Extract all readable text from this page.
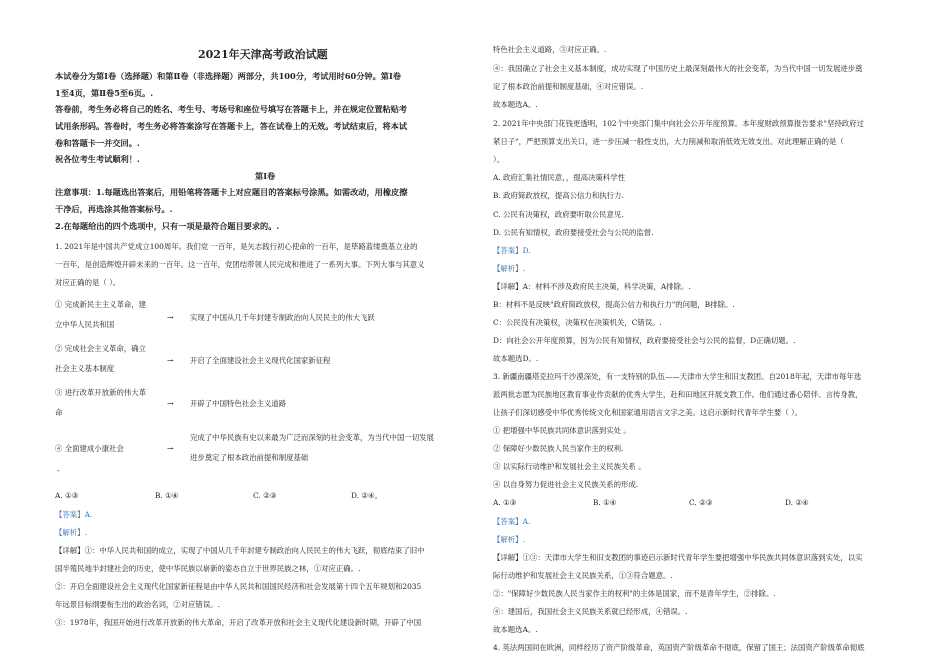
2021年天津高考政治试题
本试卷分为第Ⅰ卷（选择题）和第Ⅱ卷（非选择题）两部分，共100分，考试用时60分钟。第Ⅰ卷
1至4页，第Ⅱ卷5至6页。.
答卷前，考生务必将自己的姓名、考生号、考场号和座位号填写在答题卡上，并在规定位置粘贴考
试用条形码。答卷时，考生务必将答案涂写在答题卡上，答在试卷上的无效。考试结束后，将本试
卷和答题卡一并交回。.
祝各位考生考试顺利！.
第Ⅰ卷
注意事项：1.每题选出答案后，用铅笔将答题卡上对应题目的答案标号涂黑。如需改动，用橡皮擦
干净后，再选涂其他答案标号。.
2.在每题给出的四个选项中，只有一项是最符合题目要求的。.
1. 2021年是中国共产党成立100周年。我们党 一百年，是矢志践行初心使命的一百年，是筚路蓝缕奠基立业的
一百年，是创造辉煌开辟未来的一百年。这一百年，党团结带领人民完成和推进了一系列大事。下列大事与其意义
对应正确的是（ ）。
① 完成新民主主义革命，建
立中华人民共和国
→ 实现了中国从几千年封建专制政治向人民民主的伟大飞跃
② 完成社会主义革命，确立
社会主义基本制度
→ 开启了全面建设社会主义现代化国家新征程
③ 进行改革开放新的伟大革
命
→ 开辟了中国特色社会主义道路
④ 全面建成小康社会	→
完成了中华民族有史以来最为广泛而深刻的社会变革，为当代中国一切发展
进步奠定了根本政治前提和制度基础
-
A. ①③	B. ①④	C. ②③	D. ②④。
【答案】A.
【解析】.
【详解】①：中华人民共和国的成立，实现了中国从几千年封建专制政治向人民民主的伟大飞跃，彻底结束了旧中
国半殖民地半封建社会的历史，使中华民族以崭新的姿态自立于世界民族之林，①对应正确。.
②：开启全面建设社会主义现代化国家新征程是由中华人民共和国国民经济和社会发展第十四个五年规划和2035
年远景目标纲要衔生出的政治名词，②对应错误。.
③：1978年，我国开始进行改革开放新的伟大革命，开启了改革开放和社会主义现代化建设新时期，开辟了中国
特色社会主义道路，③对应正确。.
④：我国确立了社会主义基本制度，成功实现了中国历史上最深刻最伟大的社会变革，为当代中国一切发展进步奠
定了根本政治前提和制度基础，④对应错误。.
故本题选A。.
2. 2021年中央部门花钱更透明，102个中央部门集中向社会公开年度预算。本年度财政预算报告要求"坚持政府过
紧日子"，严把预算支出关口，进一步压减一般性支出，大力削减和取消低效无效支出。对此理解正确的是（
）。
A. 政府汇集社情民意，，提高决策科学性
B. 政府简政放权，提高公信力和执行力.
C. 公民有决策权，政府要听取公民意见.
D. 公民有知情权，政府要接受社会与公民的监督.
【答案】D.
【解析】.
【详解】A：材料不涉及政府民主决策，科学决策，A排除。.
B：材料不是反映"政府简政放权，提高公信力和执行力"的问题，B排除。.
C：公民没有决策权，决策权在决策机关，C错误。.
D：向社会公开年度预算，因为公民有知情权，政府要接受社会与公民的监督，D正确切题。.
故本题选D。.
3. 新疆南疆塔克拉玛干沙漠深处，有一支特别的队伍——天津市大学生和旧支教团。自2018年起，天津市每年选
派两批志愿为民族地区教育事业作贡献的优秀大学生，赴和田地区开展支教工作。他们通过番心陪伴、言传身教，
让孩子们深切感受中华优秀传统文化和国家通用语言文字之美。这启示新时代青年学生要（ ）。
① 把增强中华民族共同体意识落到实处 。
② 保障好少数民族人民当家作主的权利.
③ 以实际行动维护和发展社会主义民族关系 。
④ 以自身努力促进社会主义民族关系的形成.
A. ①③	B. ①④	C. ②③	D. ②④
【答案】A.
【解析】.
【详解】①③：天津市大学生和旧支教团的事迹启示新时代青年学生要把增强中华民族共同体意识落到实处，以实
际行动维护和发展社会主义民族关系，①③符合题意。.
②："保障好少数民族人民当家作主的权利"的主体是国家，而不是青年学生，②排除。.
④：建国后，我国社会主义民族关系就已经形成，④错误。.
故本题选A。.
4. 英法两国同在欧洲，同样经历了资产阶级革命，英国资产阶级革命不彻底，保留了国王；法国资产阶级革命彻底
